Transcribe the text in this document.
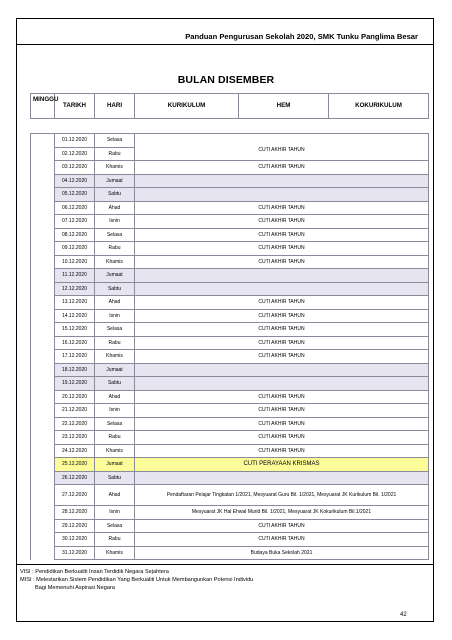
Panduan Pengurusan Sekolah 2020, SMK Tunku Panglima Besar
BULAN DISEMBER
MINGGU	TARIKH	HARI	KURIKULUM	HEM	KOKURIKULUM

	01.12.2020	Selasa			
	02.12.2020	Rabu	CUTI AKHIR TAHUN		
	03.12.2020	Khamis	CUTI AKHIR TAHUN		
	04.12.2020	Jumaat			
	05.12.2020	Sabtu			
	06.12.2020	Ahad	CUTI AKHIR TAHUN		
	07.12.2020	Isnin	CUTI AKHIR TAHUN		
	08.12.2020	Selasa	CUTI AKHIR TAHUN		
	09.12.2020	Rabu	CUTI AKHIR TAHUN		
	10.12.2020	Khamis	CUTI AKHIR TAHUN		
	11.12.2020	Jumaat			
	12.12.2020	Sabtu			
	13.12.2020	Ahad	CUTI AKHIR TAHUN		
	14.12.2020	Isnin	CUTI AKHIR TAHUN		
	15.12.2020	Selasa	CUTI AKHIR TAHUN		
	16.12.2020	Rabu	CUTI AKHIR TAHUN		
	17.12.2020	Khamis	CUTI AKHIR TAHUN		
	18.12.2020	Jumaat			
	19.12.2020	Sabtu			
	20.12.2020	Ahad	CUTI AKHIR TAHUN		
	21.12.2020	Isnin	CUTI AKHIR TAHUN		
	22.12.2020	Selasa	CUTI AKHIR TAHUN		
	23.12.2020	Rabu	CUTI AKHIR TAHUN		
	24.12.2020	Khamis	CUTI AKHIR TAHUN		
	25.12.2020	Jumaat	CUTI PERAYAAN KRISMAS		
	26.12.2020	Sabtu			
	27.12.2020	Ahad	Pendaftaran Pelajar Tingkatan 1/2021, Mesyuarat Guru Bil. 1/2021, Mesyuarat JK Kurikulum Bil. 1/2021		
	28.12.2020	Isnin	Mesyuarat JK Hal Ehwal Murid Bil. 1/2021, Mesyuarat JK Kokurikulum Bil.1/2021		
	29.12.2020	Selasa	CUTI AKHIR TAHUN		
	30.12.2020	Rabu	CUTI AKHIR TAHUN		
	31.12.2020	Khamis	Budaya Buka Sekolah 2021		
VISI : Pendidikan Berkualiti Insan Terdidik Negara Sejahtera
MISI : Melestarikan Sistem Pendidikan Yang Berkualiti Untuk Membangunkan Potensi Individu
Bagi Memenuhi Aspirasi Negara
42
